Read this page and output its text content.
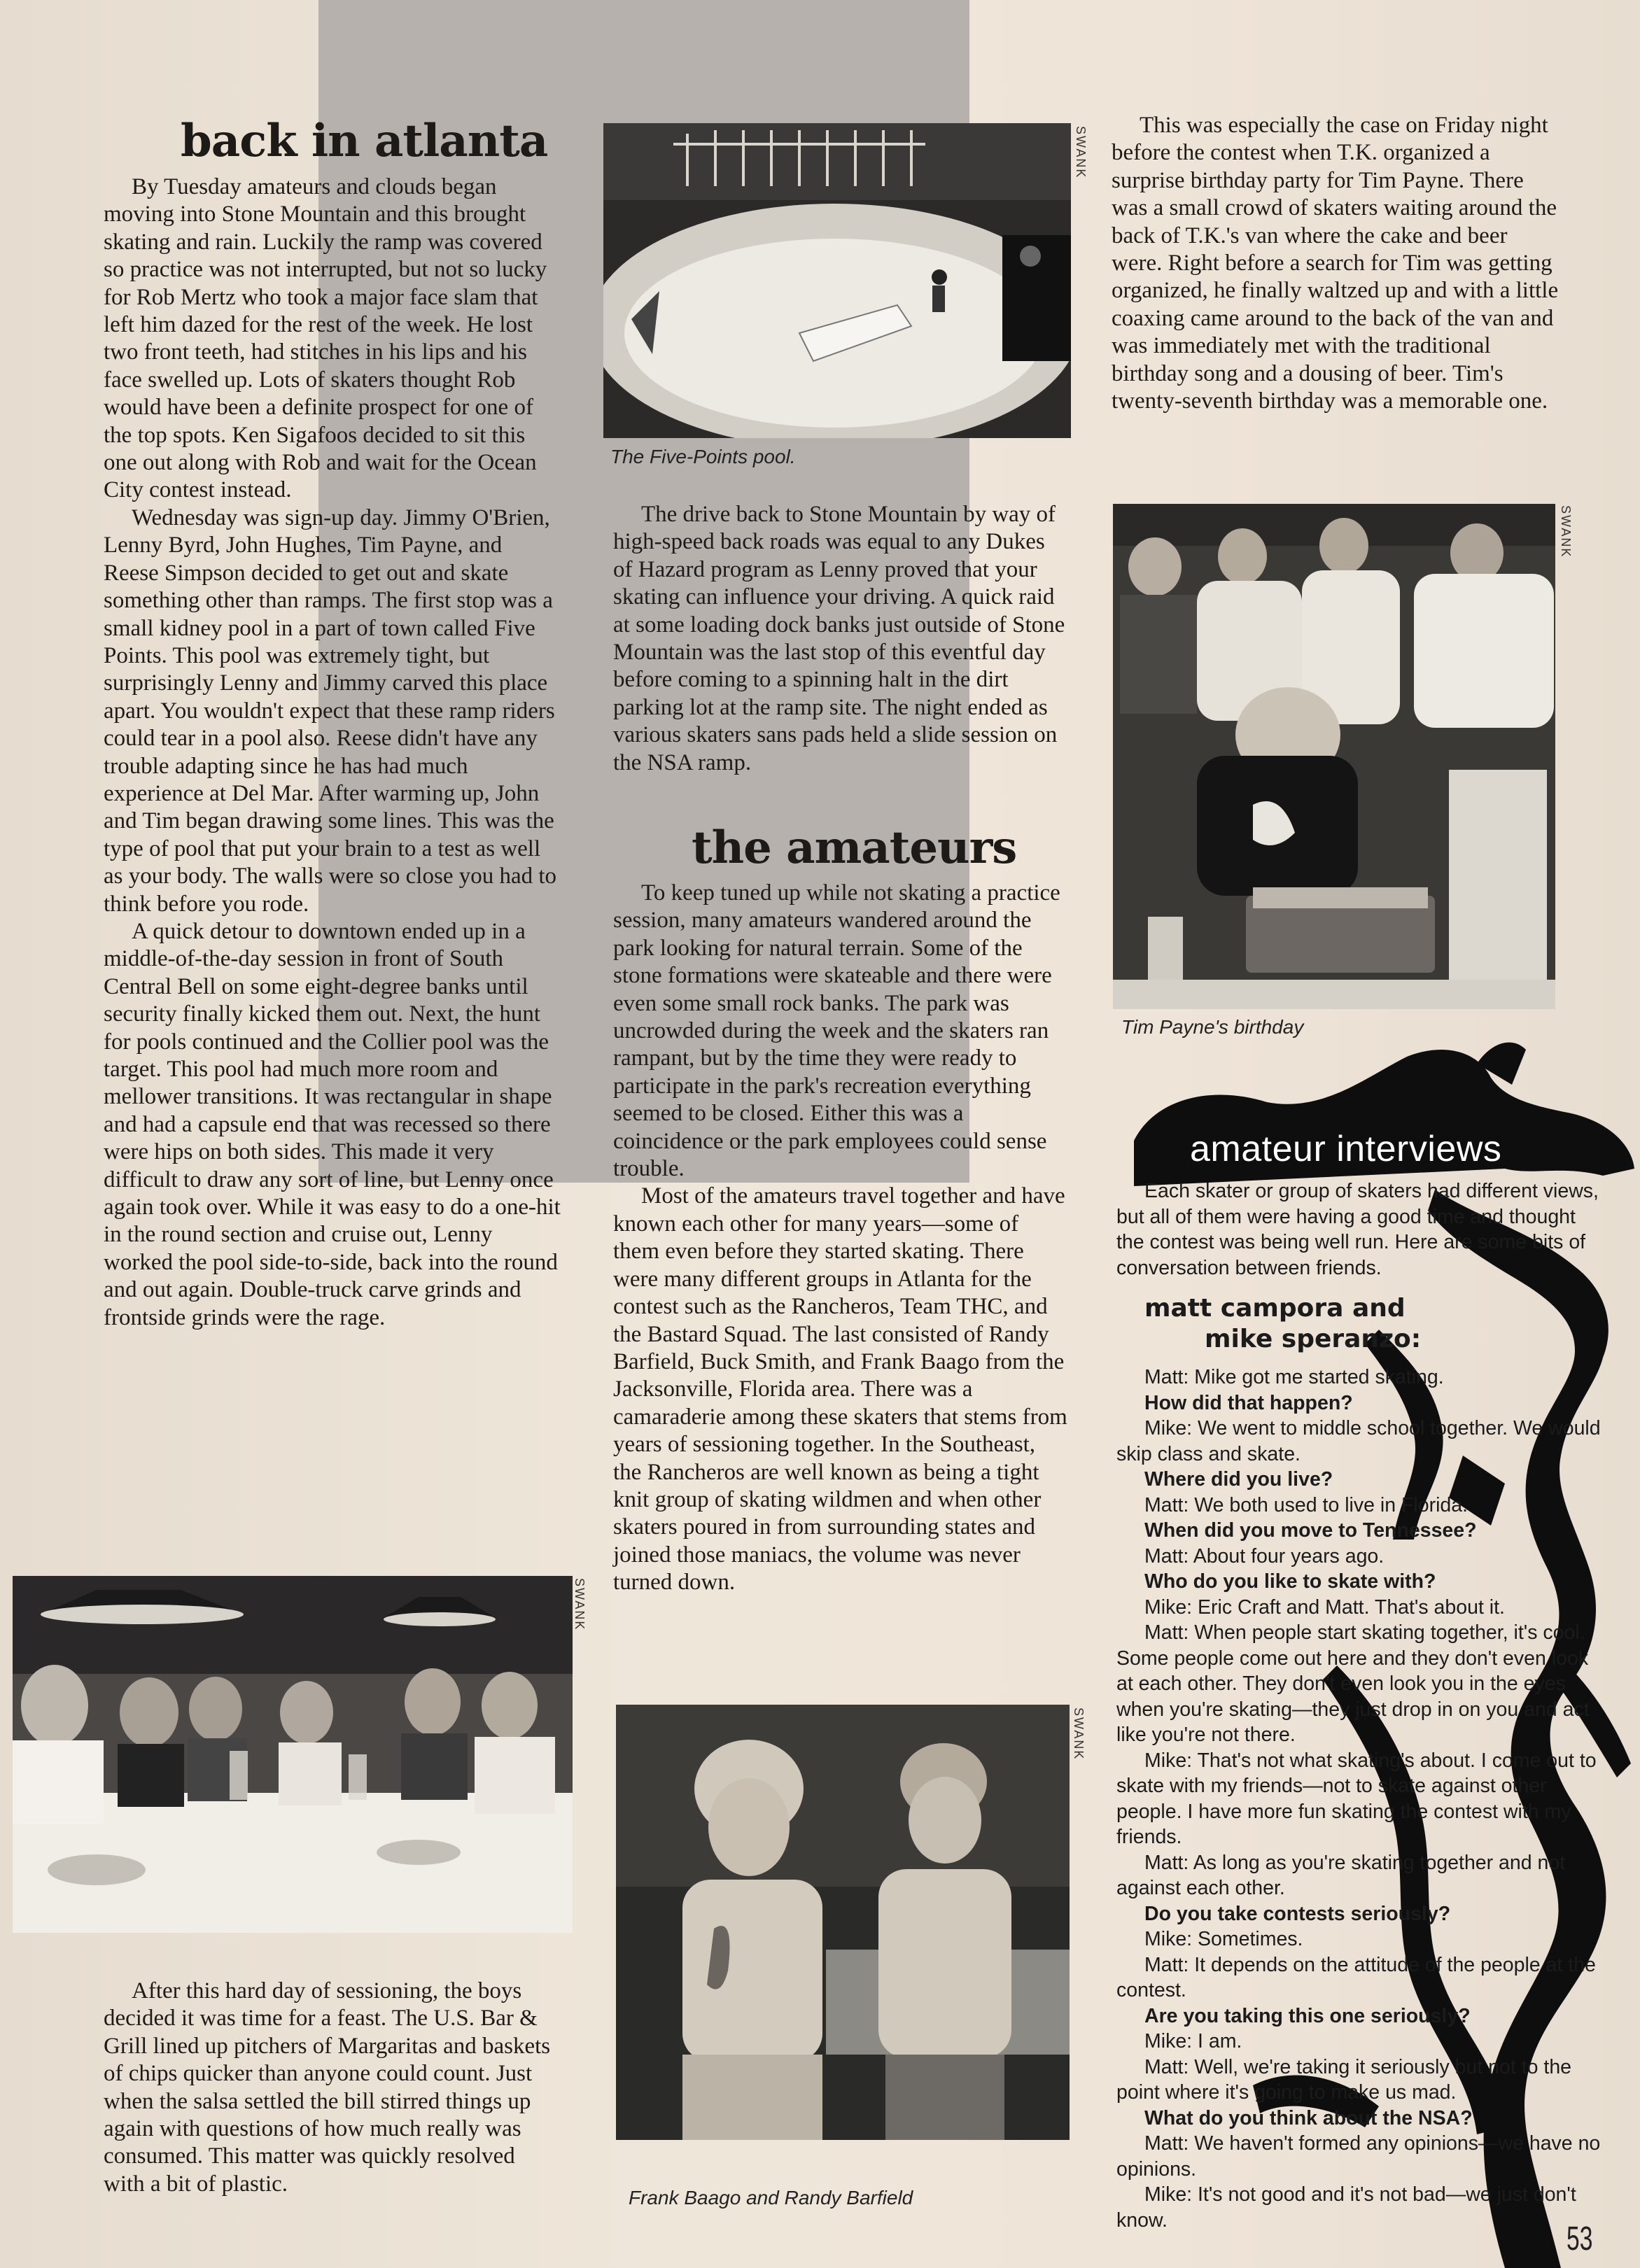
back in atlanta

By Tuesday amateurs and clouds began moving into Stone Mountain and this brought skating and rain. Luckily the ramp was covered so practice was not interrupted, but not so lucky for Rob Mertz who took a major face slam that left him dazed for the rest of the week. He lost two front teeth, had stitches in his lips and his face swelled up. Lots of skaters thought Rob would have been a definite prospect for one of the top spots. Ken Sigafoos decided to sit this one out along with Rob and wait for the Ocean City contest instead.

Wednesday was sign-up day. Jimmy O'Brien, Lenny Byrd, John Hughes, Tim Payne, and Reese Simpson decided to get out and skate something other than ramps. The first stop was a small kidney pool in a part of town called Five Points. This pool was extremely tight, but surprisingly Lenny and Jimmy carved this place apart. You wouldn't expect that these ramp riders could tear in a pool also. Reese didn't have any trouble adapting since he has had much experience at Del Mar. After warming up, John and Tim began drawing some lines. This was the type of pool that put your brain to a test as well as your body. The walls were so close you had to think before you rode.

A quick detour to downtown ended up in a middle-of-the-day session in front of South Central Bell on some eight-degree banks until security finally kicked them out. Next, the hunt for pools continued and the Collier pool was the target. This pool had much more room and mellower transitions. It was rectangular in shape and had a capsule end that was recessed so there were hips on both sides. This made it very difficult to draw any sort of line, but Lenny once again took over. While it was easy to do a one-hit in the round section and cruise out, Lenny worked the pool side-to-side, back into the round and out again. Double-truck carve grinds and frontside grinds were the rage.

SWANK

After this hard day of sessioning, the boys decided it was time for a feast. The U.S. Bar & Grill lined up pitchers of Margaritas and baskets of chips quicker than anyone could count. Just when the salsa settled the bill stirred things up again with questions of how much really was consumed. This matter was quickly resolved with a bit of plastic.

SWANK
The Five-Points pool.

The drive back to Stone Mountain by way of high-speed back roads was equal to any Dukes of Hazard program as Lenny proved that your skating can influence your driving. A quick raid at some loading dock banks just outside of Stone Mountain was the last stop of this eventful day before coming to a spinning halt in the dirt parking lot at the ramp site. The night ended as various skaters sans pads held a slide session on the NSA ramp.

the amateurs

To keep tuned up while not skating a practice session, many amateurs wandered around the park looking for natural terrain. Some of the stone formations were skateable and there were even some small rock banks. The park was uncrowded during the week and the skaters ran rampant, but by the time they were ready to participate in the park's recreation everything seemed to be closed. Either this was a coincidence or the park employees could sense trouble.

Most of the amateurs travel together and have known each other for many years—some of them even before they started skating. There were many different groups in Atlanta for the contest such as the Rancheros, Team THC, and the Bastard Squad. The last consisted of Randy Barfield, Buck Smith, and Frank Baago from the Jacksonville, Florida area. There was a camaraderie among these skaters that stems from years of sessioning together. In the Southeast, the Rancheros are well known as being a tight knit group of skating wildmen and when other skaters poured in from surrounding states and joined those maniacs, the volume was never turned down.

SWANK
Frank Baago and Randy Barfield

This was especially the case on Friday night before the contest when T.K. organized a surprise birthday party for Tim Payne. There was a small crowd of skaters waiting around the back of T.K.'s van where the cake and beer were. Right before a search for Tim was getting organized, he finally waltzed up and with a little coaxing came around to the back of the van and was immediately met with the traditional birthday song and a dousing of beer. Tim's twenty-seventh birthday was a memorable one.

SWANK
Tim Payne's birthday
amateur interviews

Each skater or group of skaters had different views, but all of them were having a good time and thought the contest was being well run. Here are some bits of conversation between friends.

matt campora and
mike speranzo:

Matt: Mike got me started skating.

How did that happen?

Mike: We went to middle school together. We would skip class and skate.

Where did you live?

Matt: We both used to live in Florida.

When did you move to Tennessee?

Matt: About four years ago.

Who do you like to skate with?

Mike: Eric Craft and Matt. That's about it.

Matt: When people start skating together, it's cool. Some people come out here and they don't even look at each other. They don't even look you in the eyes when you're skating—they just drop in on you and act like you're not there.

Mike: That's not what skating's about. I come out to skate with my friends—not to skate against other people. I have more fun skating the contest with my friends.

Matt: As long as you're skating together and not against each other.

Do you take contests seriously?

Mike: Sometimes.

Matt: It depends on the attitude of the people at the contest.

Are you taking this one seriously?

Mike: I am.

Matt: Well, we're taking it seriously but not to the point where it's going to make us mad.

What do you think about the NSA?

Matt: We haven't formed any opinions—we have no opinions.

Mike: It's not good and it's not bad—we just don't know.

53
